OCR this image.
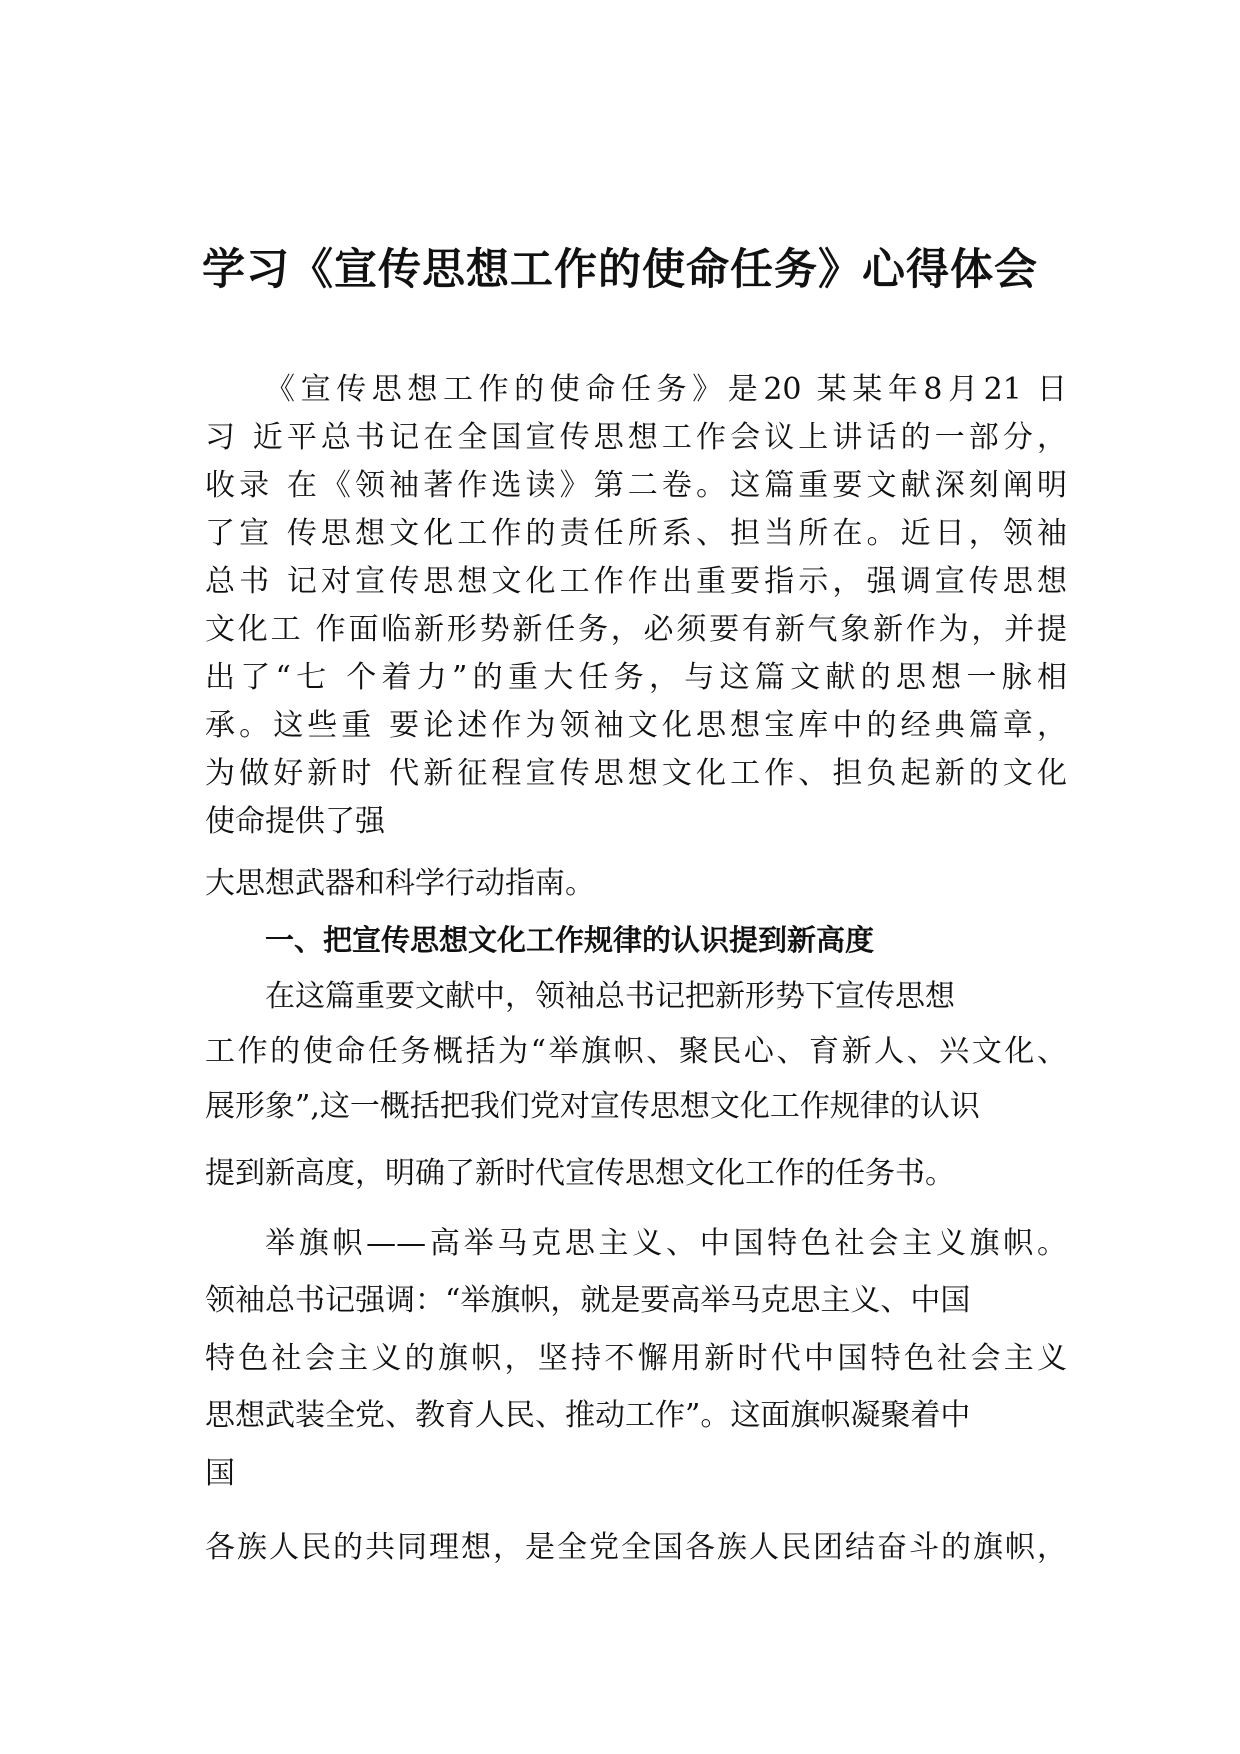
学习《宣传思想工作的使命任务》心得体会

《宣传思想工作的使命任务》是20 某某年8月21 日

习 近平总书记在全国宣传思想工作会议上讲话的一部分，

收录 在《领袖著作选读》第二卷。这篇重要文献深刻阐明

了宣 传思想文化工作的责任所系、担当所在。近日，领袖

总书 记对宣传思想文化工作作出重要指示，强调宣传思想

文化工 作面临新形势新任务，必须要有新气象新作为，并提

出了“七 个着力”的重大任务，与这篇文献的思想一脉相

承。这些重 要论述作为领袖文化思想宝库中的经典篇章，

为做好新时 代新征程宣传思想文化工作、担负起新的文化

使命提供了强

大思想武器和科学行动指南。

一、把宣传思想文化工作规律的认识提到新高度

在这篇重要文献中，领袖总书记把新形势下宣传思想

工作的使命任务概括为“举旗帜、聚民心、育新人、兴文化、

展形象”,这一概括把我们党对宣传思想文化工作规律的认识

提到新高度，明确了新时代宣传思想文化工作的任务书。

举旗帜——高举马克思主义、中国特色社会主义旗帜。

领袖总书记强调：“举旗帜，就是要高举马克思主义、中国

特色社会主义的旗帜，坚持不懈用新时代中国特色社会主义

思想武装全党、教育人民、推动工作”。这面旗帜凝聚着中

国

各族人民的共同理想，是全党全国各族人民团结奋斗的旗帜，
